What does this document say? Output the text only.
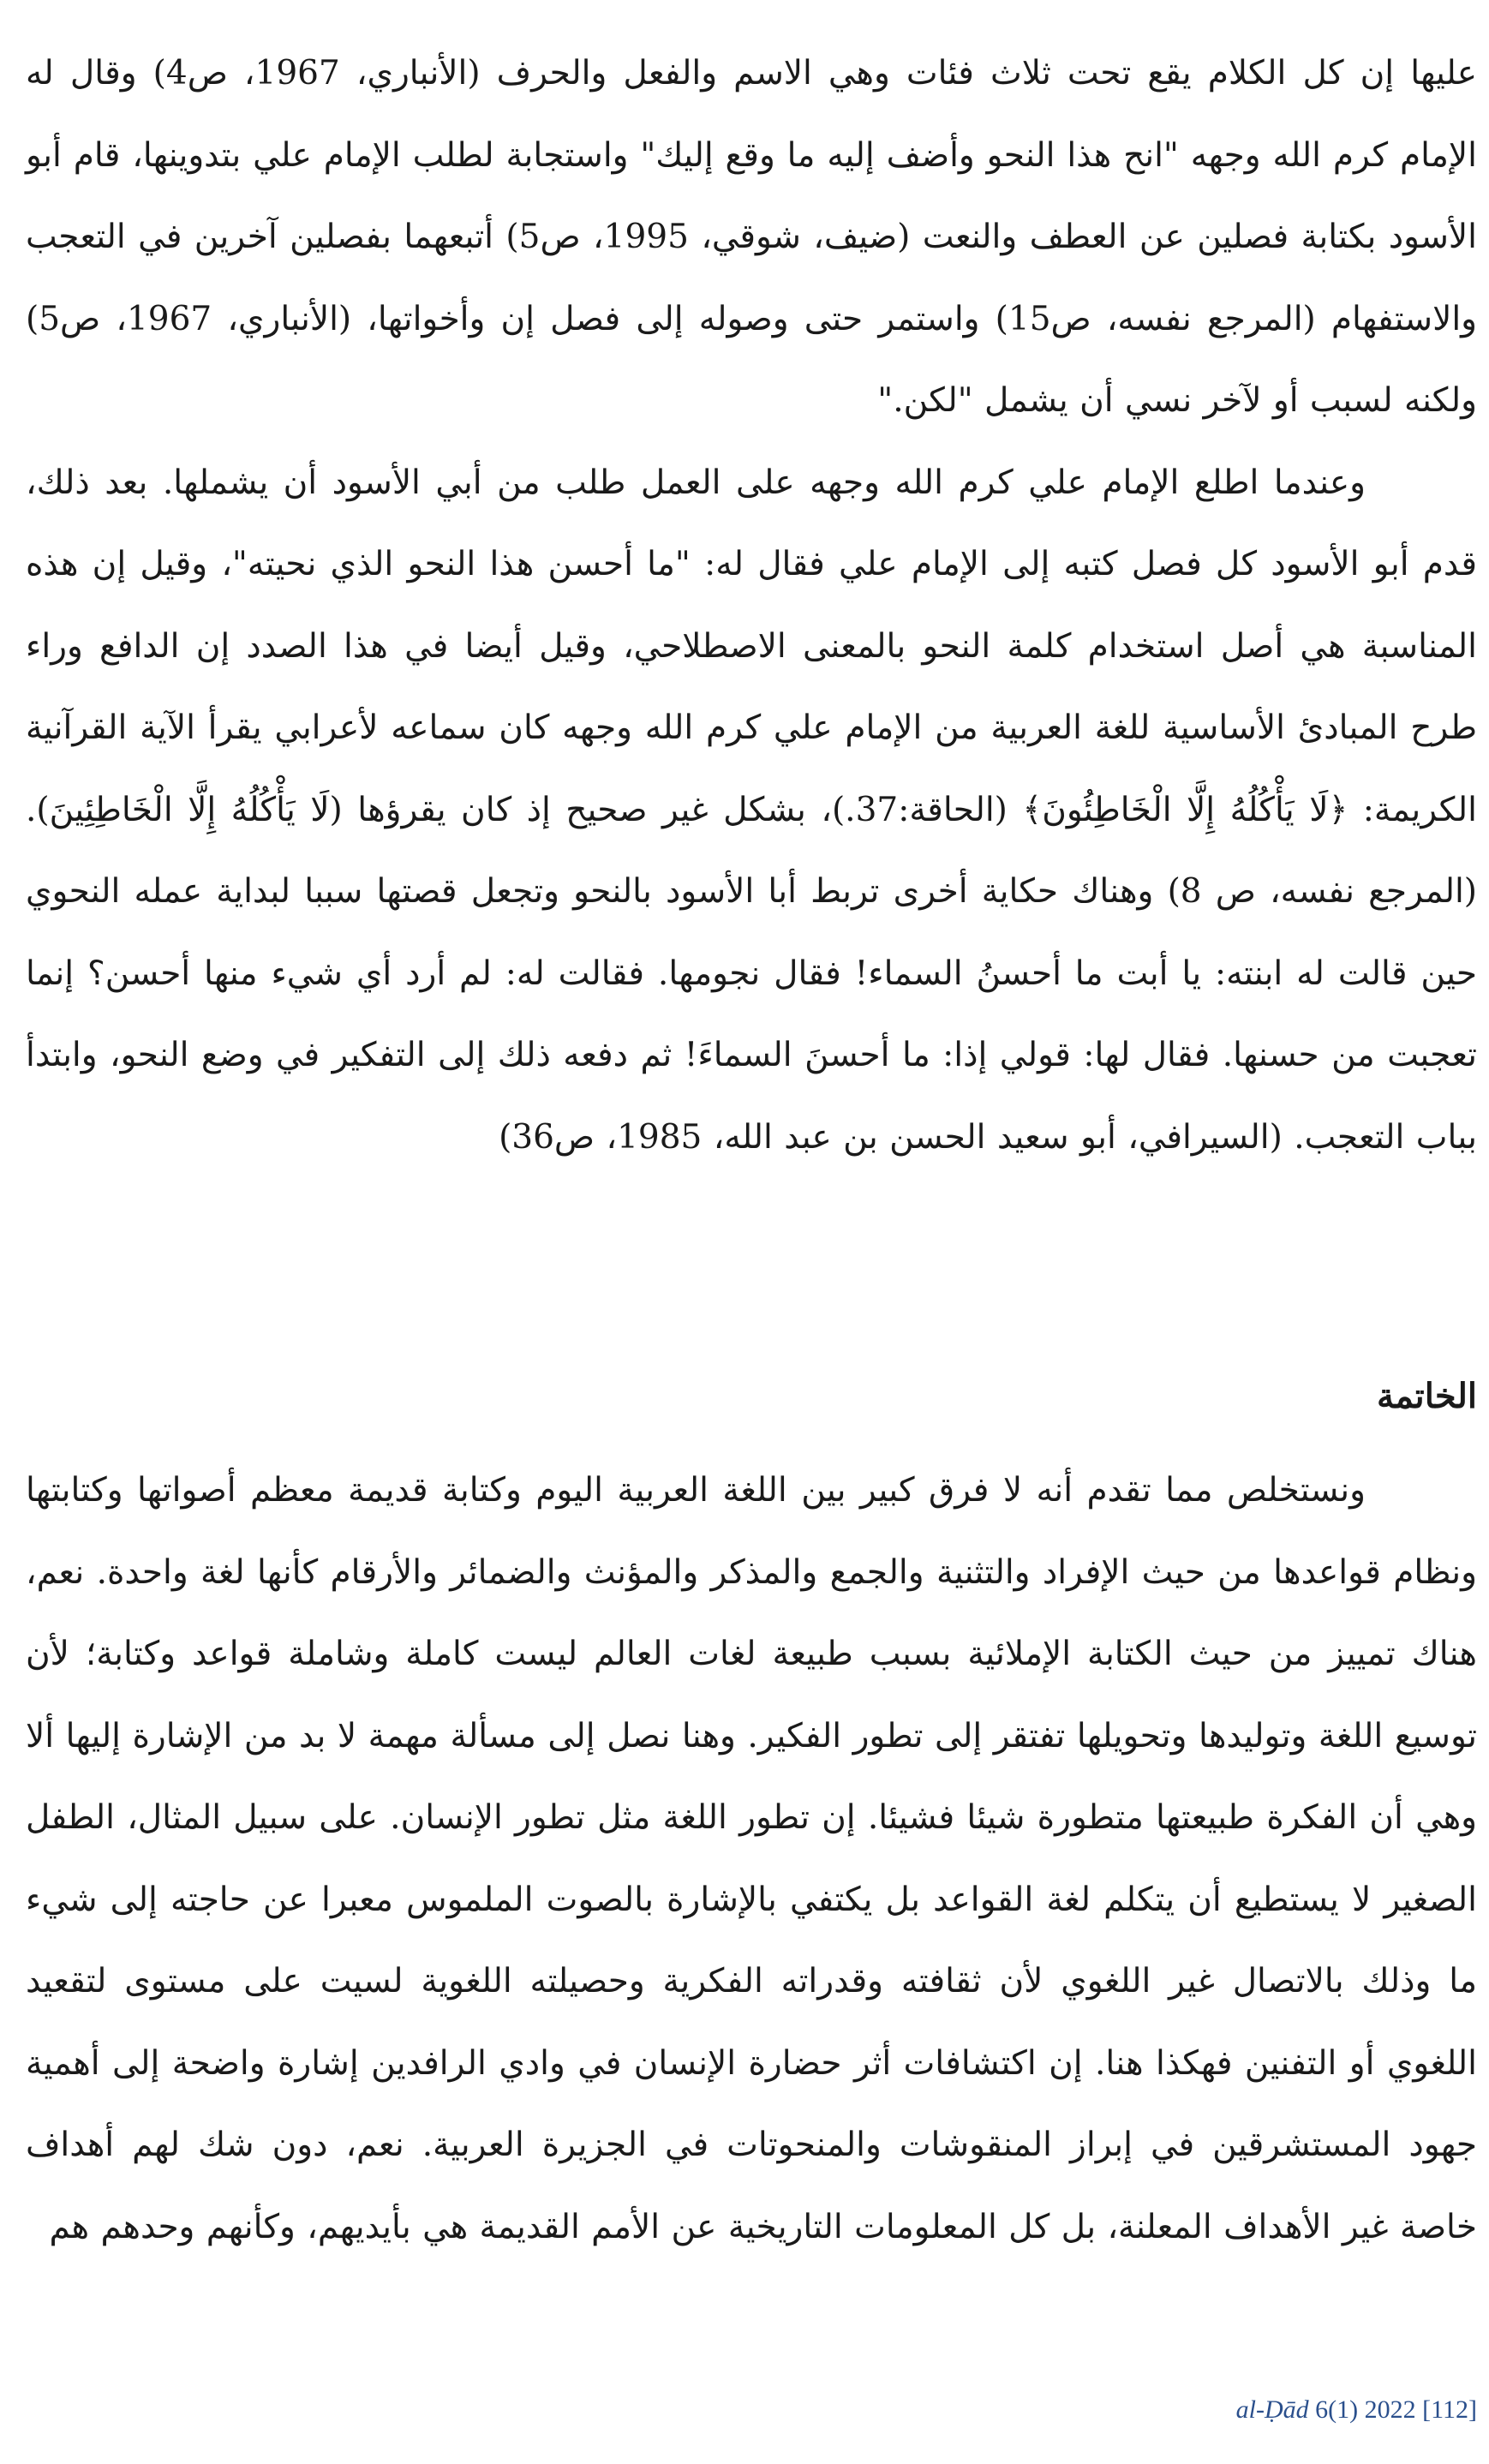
عليها إن كل الكلام يقع تحت ثلاث فئات وهي الاسم والفعل والحرف (الأنباري، 1967، ص4) وقال له الإمام كرم الله وجهه "انح هذا النحو وأضف إليه ما وقع إليك" واستجابة لطلب الإمام علي بتدوينها، قام أبو الأسود بكتابة فصلين عن العطف والنعت (ضيف، شوقي، 1995، ص5) أتبعهما بفصلين آخرين في التعجب والاستفهام (المرجع نفسه، ص15) واستمر حتى وصوله إلى فصل إن وأخواتها، (الأنباري، 1967، ص5) ولكنه لسبب أو لآخر نسي أن يشمل "لكن."

وعندما اطلع الإمام علي كرم الله وجهه على العمل طلب من أبي الأسود أن يشملها. بعد ذلك، قدم أبو الأسود كل فصل كتبه إلى الإمام علي فقال له: "ما أحسن هذا النحو الذي نحيته"، وقيل إن هذه المناسبة هي أصل استخدام كلمة النحو بالمعنى الاصطلاحي، وقيل أيضا في هذا الصدد إن الدافع وراء طرح المبادئ الأساسية للغة العربية من الإمام علي كرم الله وجهه كان سماعه لأعرابي يقرأ الآية القرآنية الكريمة: ﴿لَا يَأْكُلُهُ إِلَّا الْخَاطِئُونَ﴾ (الحاقة:37.)، بشكل غير صحيح إذ كان يقرؤها (لَا يَأْكُلُهُ إِلَّا الْخَاطِئِينَ). (المرجع نفسه، ص 8) وهناك حكاية أخرى تربط أبا الأسود بالنحو وتجعل قصتها سببا لبداية عمله النحوي حين قالت له ابنته: يا أبت ما أحسنُ السماء! فقال نجومها. فقالت له: لم أرد أي شيء منها أحسن؟ إنما تعجبت من حسنها. فقال لها: قولي إذا: ما أحسنَ السماءَ! ثم دفعه ذلك إلى التفكير في وضع النحو، وابتدأ بباب التعجب. (السيرافي، أبو سعيد الحسن بن عبد الله، 1985، ص36)

الخاتمة

ونستخلص مما تقدم أنه لا فرق كبير بين اللغة العربية اليوم وكتابة قديمة معظم أصواتها وكتابتها ونظام قواعدها من حيث الإفراد والتثنية والجمع والمذكر والمؤنث والضمائر والأرقام كأنها لغة واحدة. نعم، هناك تمييز من حيث الكتابة الإملائية بسبب طبيعة لغات العالم ليست كاملة وشاملة قواعد وكتابة؛ لأن توسيع اللغة وتوليدها وتحويلها تفتقر إلى تطور الفكير. وهنا نصل إلى مسألة مهمة لا بد من الإشارة إليها ألا وهي أن الفكرة طبيعتها متطورة شيئا فشيئا. إن تطور اللغة مثل تطور الإنسان. على سبيل المثال، الطفل الصغير لا يستطيع أن يتكلم لغة القواعد بل يكتفي بالإشارة بالصوت الملموس معبرا عن حاجته إلى شيء ما وذلك بالاتصال غير اللغوي لأن ثقافته وقدراته الفكرية وحصيلته اللغوية لسيت على مستوى لتقعيد اللغوي أو التفنين فهكذا هنا. إن اكتشافات أثر حضارة الإنسان في وادي الرافدين إشارة واضحة إلى أهمية جهود المستشرقين في إبراز المنقوشات والمنحوتات في الجزيرة العربية. نعم، دون شك لهم أهداف خاصة غير الأهداف المعلنة، بل كل المعلومات التاريخية عن الأمم القديمة هي بأيديهم، وكأنهم وحدهم هم

al-Ḍād 6(1) 2022 [112]
